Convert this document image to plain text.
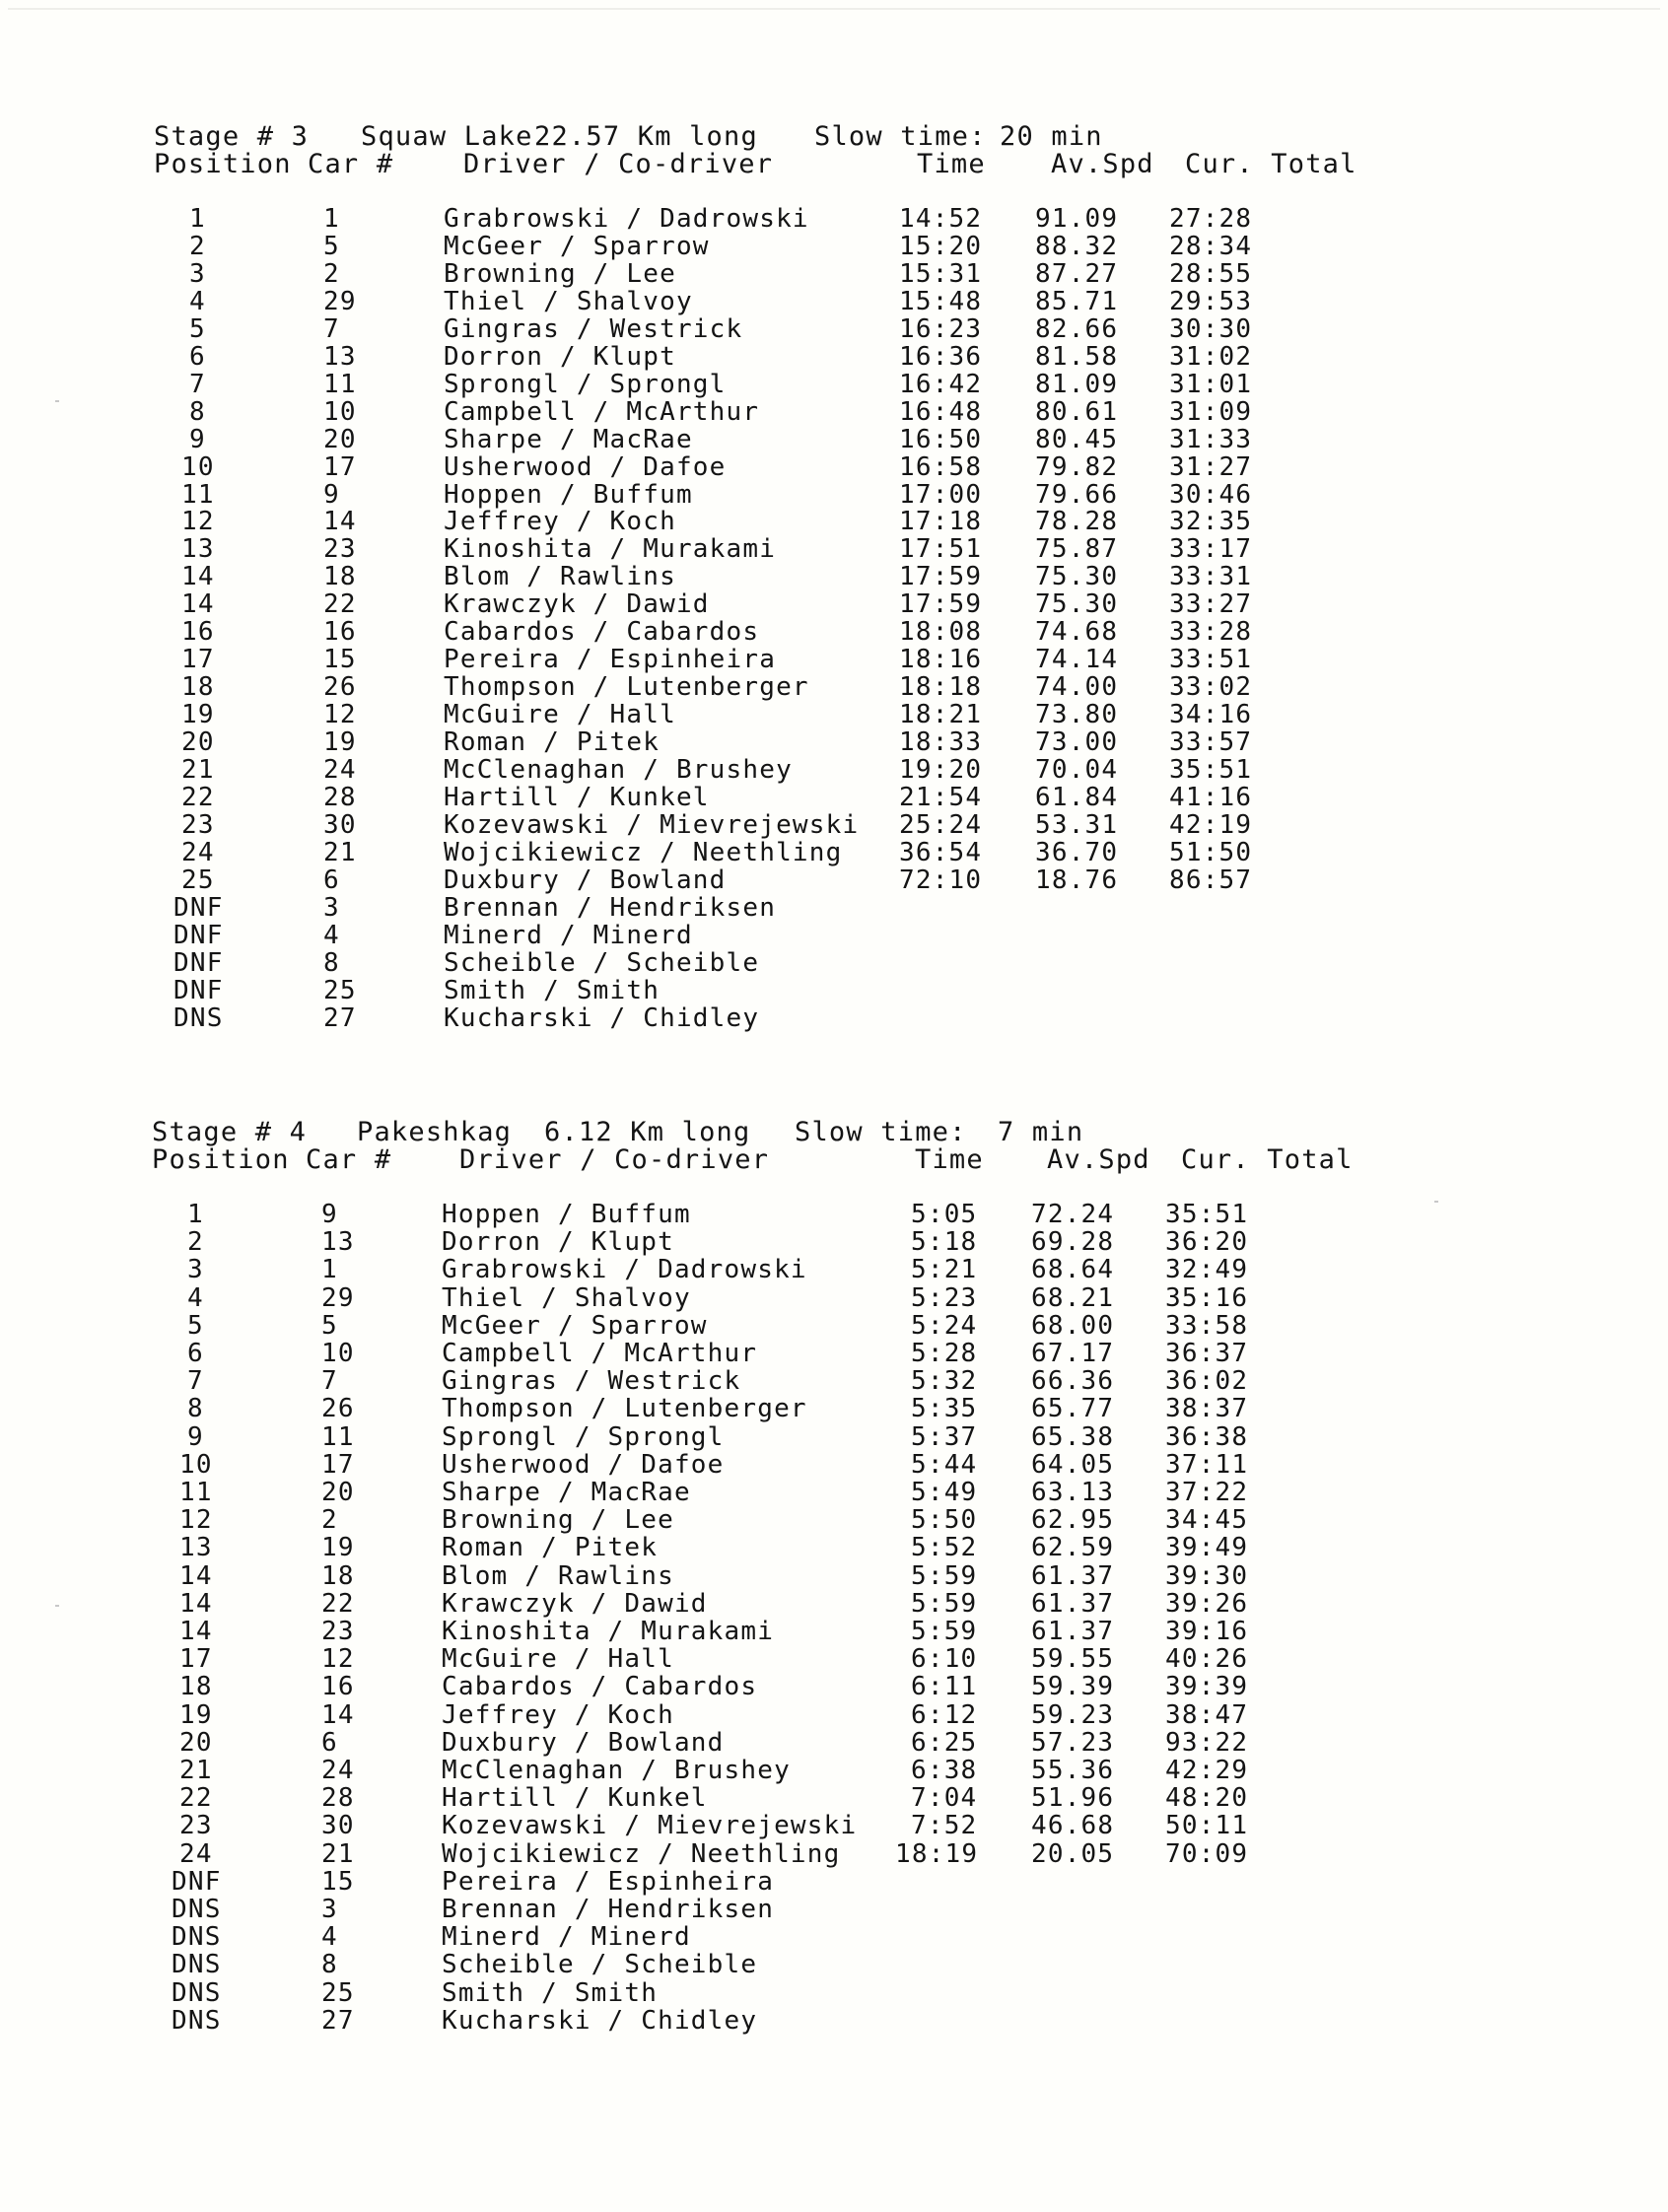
Stage # 3 Squaw Lake 22.57 Km long Slow time: 20 min
Position Car #	Driver / Co-driver	Time Av.Spd Cur. Total
1	1	Grabrowski / Dadrowski	14:52 91.09 27:28
2	5	McGeer / Sparrow	15:20 88.32 28:34
3	2	Browning / Lee	15:31 87.27 28:55
4	29	Thiel / Shalvoy	15:48 85.71 29:53
5	7	Gingras / Westrick	16:23 82.66 30:30
6	13	Dorron / Klupt	16:36 81.58 31:02
7	11	Sprongl / Sprongl	16:42 81.09 31:01
8	10	Campbell / McArthur	16:48 80.61 31:09
9	20	Sharpe / MacRae	16:50 80.45 31:33
10	17	Usherwood / Dafoe	16:58 79.82 31:27
11	9	Hoppen / Buffum	17:00 79.66 30:46
12	14	Jeffrey / Koch	17:18 78.28 32:35
13	23	Kinoshita / Murakami	17:51 75.87 33:17
14	18	Blom / Rawlins	17:59 75.30 33:31
14	22	Krawczyk / Dawid	17:59 75.30 33:27
16	16	Cabardos / Cabardos	18:08 74.68 33:28
17	15	Pereira / Espinheira	18:16 74.14 33:51
18	26	Thompson / Lutenberger	18:18 74.00 33:02
19	12	McGuire / Hall	18:21 73.80 34:16
20	19	Roman / Pitek	18:33 73.00 33:57
21	24	McClenaghan / Brushey	19:20 70.04 35:51
22	28	Hartill / Kunkel	21:54 61.84 41:16
23	30	Kozevawski / Mievrejewski 25:24 53.31 42:19
24	21	Wojcikiewicz / Neethling 36:54 36.70 51:50
25	6	Duxbury / Bowland	72:10 18.76 86:57
DNF	3	Brennan / Hendriksen
DNF	4	Minerd / Minerd
DNF	8	Scheible / Scheible
DNF	25	Smith / Smith
DNS	27	Kucharski / Chidley
Stage # 4 Pakeshkag 6.12 Km long Slow time: 7 min
Position Car #	Driver / Co-driver	Time Av.Spd Cur. Total
1	9	Hoppen / Buffum	5:05 72.24 35:51
2	13	Dorron / Klupt	5:18 69.28 36:20
3	1	Grabrowski / Dadrowski	5:21 68.64 32:49
4	29	Thiel / Shalvoy	5:23 68.21 35:16
5	5	McGeer / Sparrow	5:24 68.00 33:58
6	10	Campbell / McArthur	5:28 67.17 36:37
7	7	Gingras / Westrick	5:32 66.36 36:02
8	26	Thompson / Lutenberger	5:35 65.77 38:37
9	11	Sprongl / Sprongl	5:37 65.38 36:38
10	17	Usherwood / Dafoe	5:44 64.05 37:11
11	20	Sharpe / MacRae	5:49 63.13 37:22
12	2	Browning / Lee	5:50 62.95 34:45
13	19	Roman / Pitek	5:52 62.59 39:49
14	18	Blom / Rawlins	5:59 61.37 39:30
14	22	Krawczyk / Dawid	5:59 61.37 39:26
14	23	Kinoshita / Murakami	5:59 61.37 39:16
17	12	McGuire / Hall	6:10 59.55 40:26
18	16	Cabardos / Cabardos	6:11 59.39 39:39
19	14	Jeffrey / Koch	6:12 59.23 38:47
20	6	Duxbury / Bowland	6:25 57.23 93:22
21	24	McClenaghan / Brushey	6:38 55.36 42:29
22	28	Hartill / Kunkel	7:04 51.96 48:20
23	30	Kozevawski / Mievrejewski 7:52 46.68 50:11
24	21	Wojcikiewicz / Neethling 18:19 20.05 70:09
DNF	15	Pereira / Espinheira
DNS	3	Brennan / Hendriksen
DNS	4	Minerd / Minerd
DNS	8	Scheible / Scheible
DNS	25	Smith / Smith
DNS	27	Kucharski / Chidley
